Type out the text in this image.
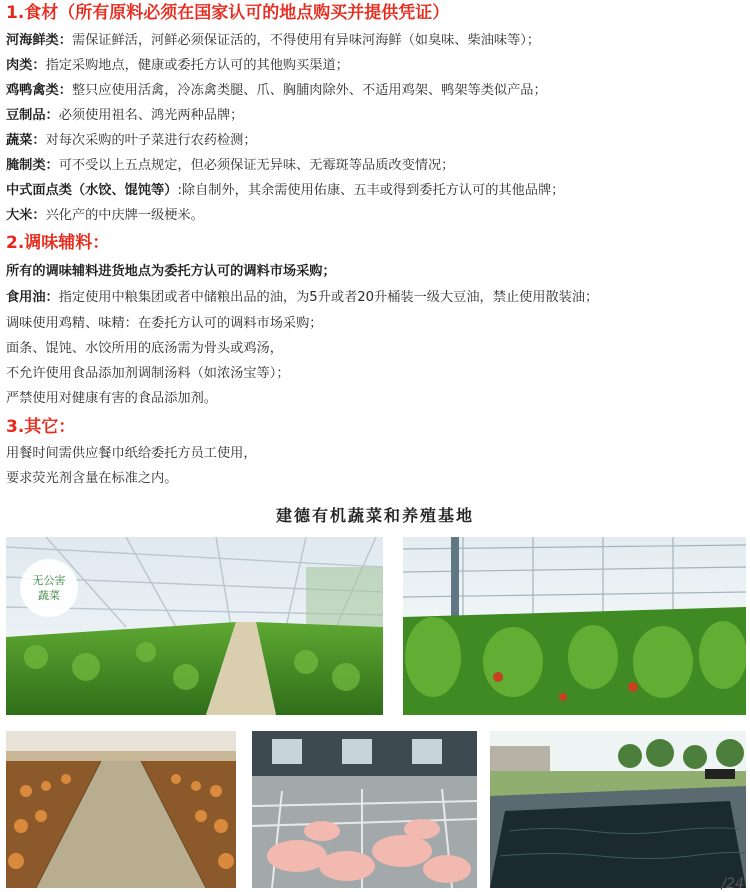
1.食材（所有原料必须在国家认可的地点购买并提供凭证）
河海鲜类：需保证鲜活，河鲜必须保证活的，不得使用有异味河海鲜（如臭味、柴油味等）；
肉类：指定采购地点，健康或委托方认可的其他购买渠道；
鸡鸭禽类：整只应使用活禽，冷冻禽类腿、爪、胸脯肉除外、不适用鸡架、鸭架等类似产品；
豆制品：必须使用祖名、鸿光两种品牌；
蔬菜：对每次采购的叶子菜进行农药检测；
腌制类：可不受以上五点规定，但必须保证无异味、无霉斑等品质改变情况；
中式面点类（水饺、馄饨等）:除自制外，其余需使用佑康、五丰或得到委托方认可的其他品牌；
大米：兴化产的中庆牌一级梗米。
2.调味辅料：
所有的调味辅料进货地点为委托方认可的调料市场采购；
食用油：指定使用中粮集团或者中储粮出品的油，为5升或者20升桶装一级大豆油，禁止使用散装油；
调味使用鸡精、味精：在委托方认可的调料市场采购；
面条、馄饨、水饺所用的底汤需为骨头或鸡汤，
不允许使用食品添加剂调制汤料（如浓汤宝等）；
严禁使用对健康有害的食品添加剂。
3.其它：
用餐时间需供应餐巾纸给委托方员工使用，
要求荧光剂含量在标准之内。
建德有机蔬菜和养殖基地
无公害
蔬菜
/24
